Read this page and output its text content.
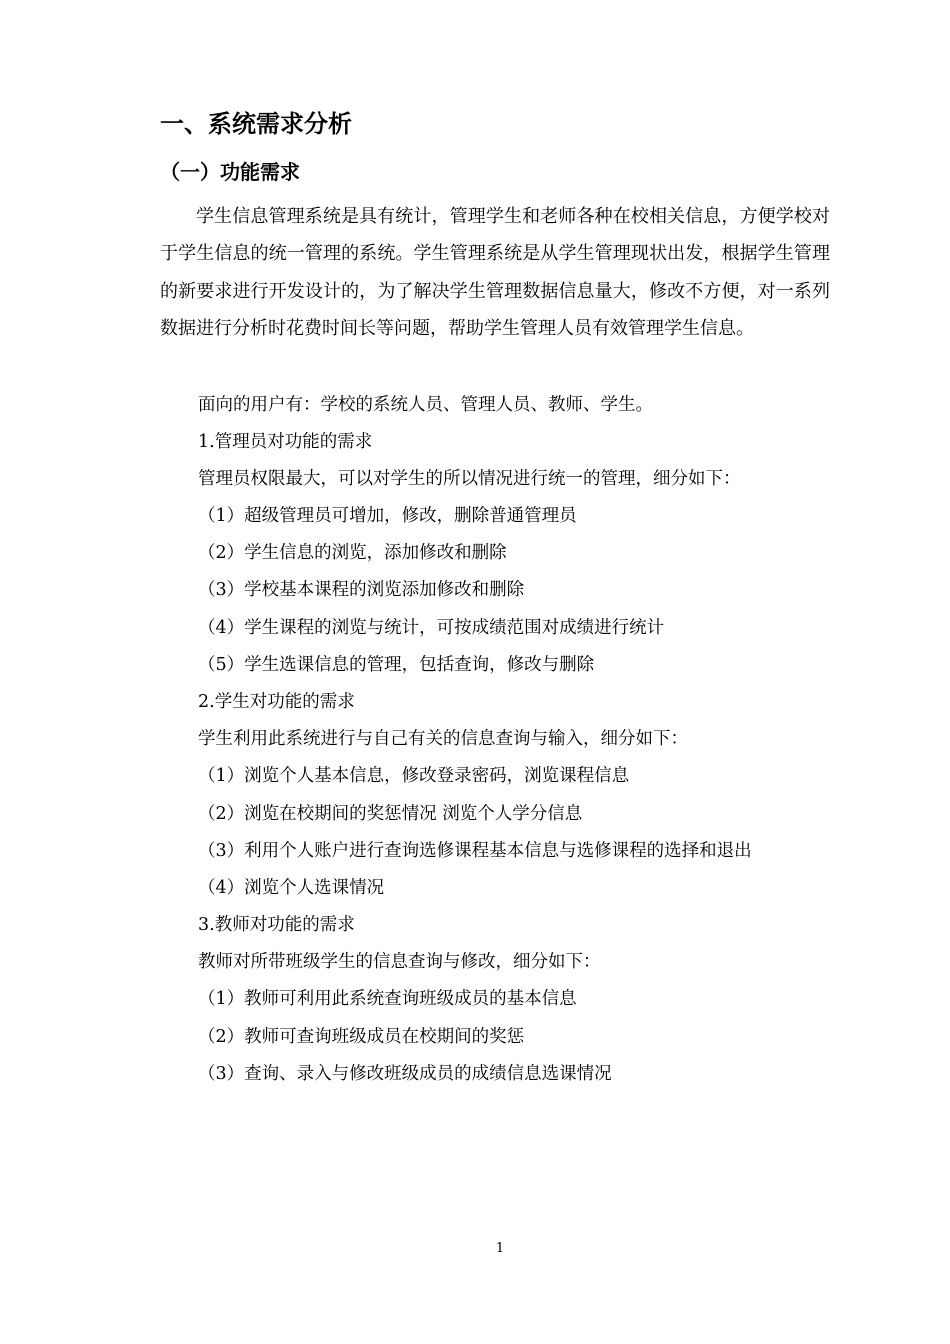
一、系统需求分析
（一）功能需求

学生信息管理系统是具有统计，管理学生和老师各种在校相关信息，方便学校对于学生信息的统一管理的系统。学生管理系统是从学生管理现状出发，根据学生管理的新要求进行开发设计的，为了解决学生管理数据信息量大，修改不方便，对一系列数据进行分析时花费时间长等问题，帮助学生管理人员有效管理学生信息。

面向的用户有：学校的系统人员、管理人员、教师、学生。

1.管理员对功能的需求

管理员权限最大，可以对学生的所以情况进行统一的管理，细分如下：

（1）超级管理员可增加，修改，删除普通管理员

（2）学生信息的浏览，添加修改和删除

（3）学校基本课程的浏览添加修改和删除

（4）学生课程的浏览与统计，可按成绩范围对成绩进行统计

（5）学生选课信息的管理，包括查询，修改与删除

2.学生对功能的需求

学生利用此系统进行与自己有关的信息查询与输入，细分如下：

（1）浏览个人基本信息，修改登录密码，浏览课程信息

（2）浏览在校期间的奖惩情况 浏览个人学分信息

（3）利用个人账户进行查询选修课程基本信息与选修课程的选择和退出

（4）浏览个人选课情况

3.教师对功能的需求

教师对所带班级学生的信息查询与修改，细分如下：

（1）教师可利用此系统查询班级成员的基本信息

（2）教师可查询班级成员在校期间的奖惩

（3）查询、录入与修改班级成员的成绩信息选课情况

1
